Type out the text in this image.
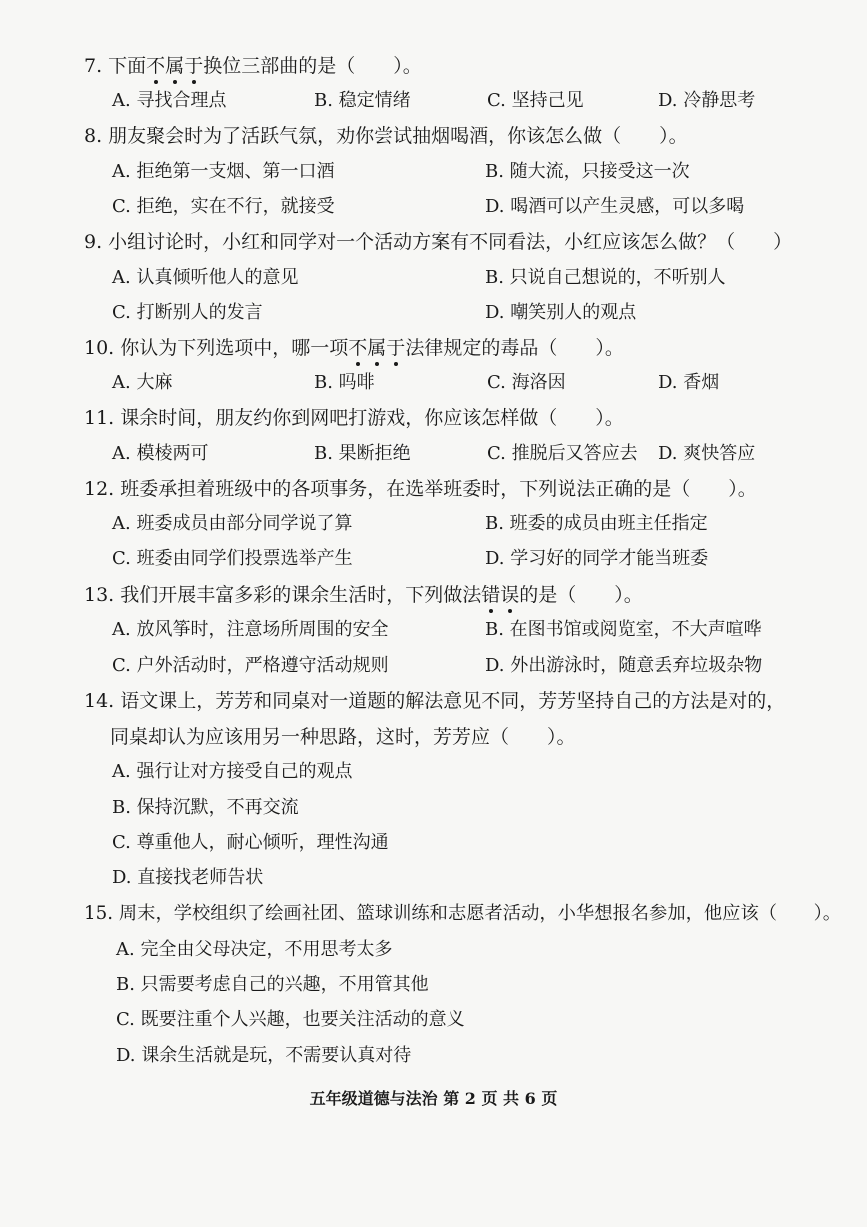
7. 下面不属于换位三部曲的是（　　）。
A. 寻找合理点	B. 稳定情绪	C. 坚持己见	D. 冷静思考
8. 朋友聚会时为了活跃气氛，劝你尝试抽烟喝酒，你该怎么做（　　）。
A. 拒绝第一支烟、第一口酒	B. 随大流，只接受这一次
C. 拒绝，实在不行，就接受	D. 喝酒可以产生灵感，可以多喝
9. 小组讨论时，小红和同学对一个活动方案有不同看法，小红应该怎么做？（　　）
A. 认真倾听他人的意见	B. 只说自己想说的，不听别人
C. 打断别人的发言	D. 嘲笑别人的观点
10. 你认为下列选项中，哪一项不属于法律规定的毒品（　　）。
A. 大麻	B. 吗啡	C. 海洛因	D. 香烟
11. 课余时间，朋友约你到网吧打游戏，你应该怎样做（　　）。
A. 模棱两可	B. 果断拒绝	C. 推脱后又答应去 D. 爽快答应
12. 班委承担着班级中的各项事务，在选举班委时，下列说法正确的是（　　）。
A. 班委成员由部分同学说了算	B. 班委的成员由班主任指定
C. 班委由同学们投票选举产生	D. 学习好的同学才能当班委
13. 我们开展丰富多彩的课余生活时，下列做法错误的是（　　）。
A. 放风筝时，注意场所周围的安全	B. 在图书馆或阅览室，不大声喧哗
C. 户外活动时，严格遵守活动规则	D. 外出游泳时，随意丢弃垃圾杂物
14. 语文课上，芳芳和同桌对一道题的解法意见不同，芳芳坚持自己的方法是对的，
同桌却认为应该用另一种思路，这时，芳芳应（　　）。
A. 强行让对方接受自己的观点
B. 保持沉默，不再交流
C. 尊重他人，耐心倾听，理性沟通
D. 直接找老师告状
15. 周末，学校组织了绘画社团、篮球训练和志愿者活动，小华想报名参加，他应该（　　）。
A. 完全由父母决定，不用思考太多
B. 只需要考虑自己的兴趣，不用管其他
C. 既要注重个人兴趣，也要关注活动的意义
D. 课余生活就是玩，不需要认真对待
五年级道德与法治 第 2 页 共 6 页
